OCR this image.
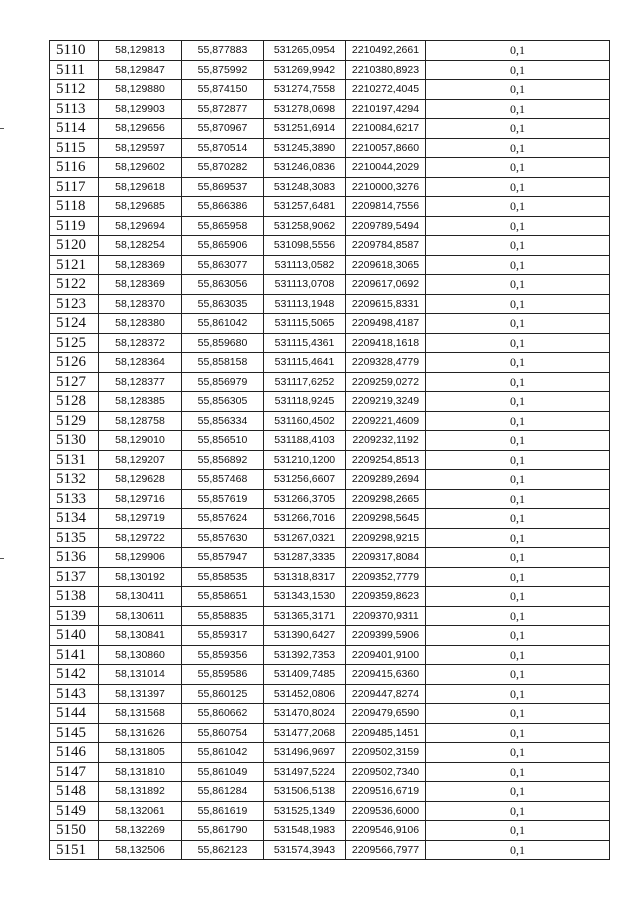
5110	58,129813	55,877883	531265,0954	2210492,2661	0,1
5111	58,129847	55,875992	531269,9942	2210380,8923	0,1
5112	58,129880	55,874150	531274,7558	2210272,4045	0,1
5113	58,129903	55,872877	531278,0698	2210197,4294	0,1
5114	58,129656	55,870967	531251,6914	2210084,6217	0,1
5115	58,129597	55,870514	531245,3890	2210057,8660	0,1
5116	58,129602	55,870282	531246,0836	2210044,2029	0,1
5117	58,129618	55,869537	531248,3083	2210000,3276	0,1
5118	58,129685	55,866386	531257,6481	2209814,7556	0,1
5119	58,129694	55,865958	531258,9062	2209789,5494	0,1
5120	58,128254	55,865906	531098,5556	2209784,8587	0,1
5121	58,128369	55,863077	531113,0582	2209618,3065	0,1
5122	58,128369	55,863056	531113,0708	2209617,0692	0,1
5123	58,128370	55,863035	531113,1948	2209615,8331	0,1
5124	58,128380	55,861042	531115,5065	2209498,4187	0,1
5125	58,128372	55,859680	531115,4361	2209418,1618	0,1
5126	58,128364	55,858158	531115,4641	2209328,4779	0,1
5127	58,128377	55,856979	531117,6252	2209259,0272	0,1
5128	58,128385	55,856305	531118,9245	2209219,3249	0,1
5129	58,128758	55,856334	531160,4502	2209221,4609	0,1
5130	58,129010	55,856510	531188,4103	2209232,1192	0,1
5131	58,129207	55,856892	531210,1200	2209254,8513	0,1
5132	58,129628	55,857468	531256,6607	2209289,2694	0,1
5133	58,129716	55,857619	531266,3705	2209298,2665	0,1
5134	58,129719	55,857624	531266,7016	2209298,5645	0,1
5135	58,129722	55,857630	531267,0321	2209298,9215	0,1
5136	58,129906	55,857947	531287,3335	2209317,8084	0,1
5137	58,130192	55,858535	531318,8317	2209352,7779	0,1
5138	58,130411	55,858651	531343,1530	2209359,8623	0,1
5139	58,130611	55,858835	531365,3171	2209370,9311	0,1
5140	58,130841	55,859317	531390,6427	2209399,5906	0,1
5141	58,130860	55,859356	531392,7353	2209401,9100	0,1
5142	58,131014	55,859586	531409,7485	2209415,6360	0,1
5143	58,131397	55,860125	531452,0806	2209447,8274	0,1
5144	58,131568	55,860662	531470,8024	2209479,6590	0,1
5145	58,131626	55,860754	531477,2068	2209485,1451	0,1
5146	58,131805	55,861042	531496,9697	2209502,3159	0,1
5147	58,131810	55,861049	531497,5224	2209502,7340	0,1
5148	58,131892	55,861284	531506,5138	2209516,6719	0,1
5149	58,132061	55,861619	531525,1349	2209536,6000	0,1
5150	58,132269	55,861790	531548,1983	2209546,9106	0,1
5151	58,132506	55,862123	531574,3943	2209566,7977	0,1
